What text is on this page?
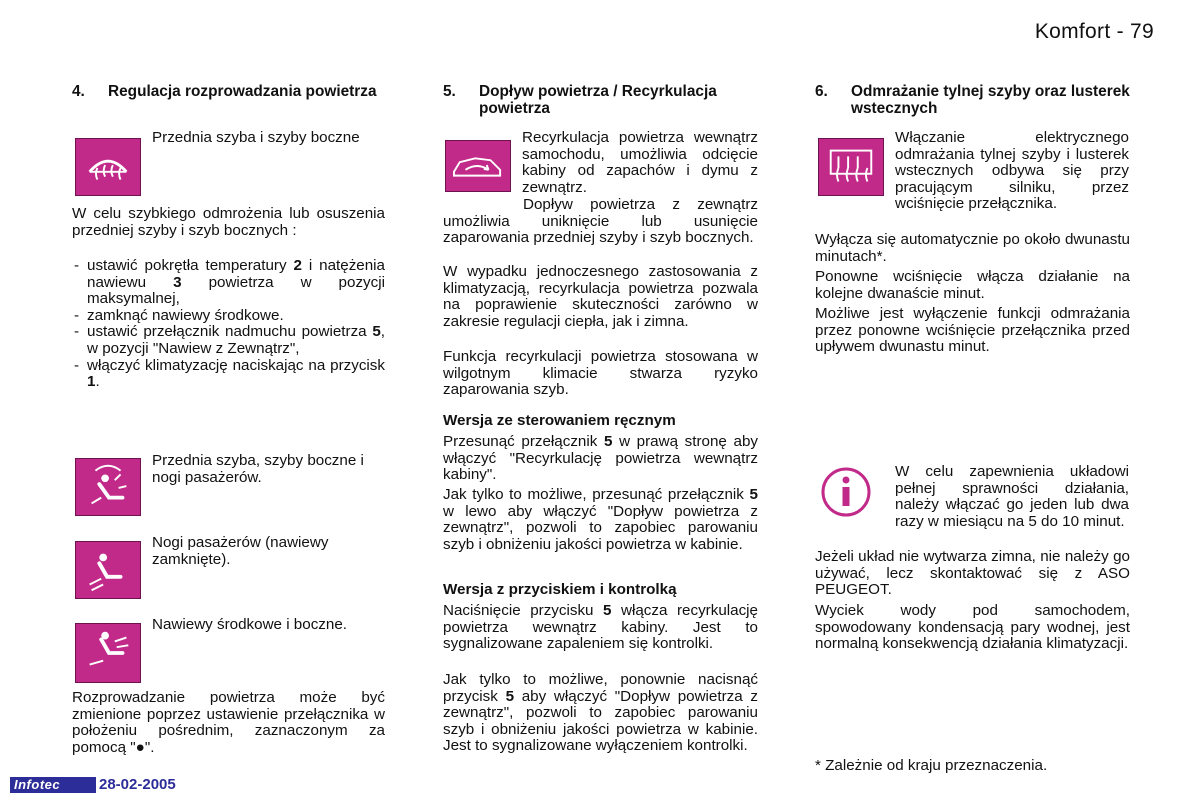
Komfort - 79
4.	Regulacja rozprowadzania powietrza
Przednia szyba i szyby boczne
W celu szybkiego odmrożenia lub osuszenia przedniej szyby i szyb bocznych :
- ustawić pokrętła temperatury 2 i natężenia nawiewu 3 powietrza w pozycji maksymalnej,
- zamknąć nawiewy środkowe.
- ustawić przełącznik nadmuchu powietrza 5, w pozycji "Nawiew z Zewnątrz",
- włączyć klimatyzację naciskając na przycisk 1.
Przednia szyba, szyby boczne i nogi pasażerów.
Nogi pasażerów (nawiewy zamknięte).
Nawiewy środkowe i boczne.
Rozprowadzanie powietrza może być zmienione poprzez ustawienie przełącznika w położeniu pośrednim, zaznaczonym za pomocą "●".
5.	Dopływ powietrza / Recyrkulacja powietrza
Recyrkulacja powietrza wewnątrz samochodu, umożliwia odcięcie kabiny od zapachów i dymu z zewnątrz.
Dopływ powietrza z zewnątrz umożliwia uniknięcie lub usunięcie zaparowania przedniej szyby i szyb bocznych.
W wypadku jednoczesnego zastosowania z klimatyzacją, recyrkulacja powietrza pozwala na poprawienie skuteczności zarówno w zakresie regulacji ciepła, jak i zimna.
Funkcja recyrkulacji powietrza stosowana w wilgotnym klimacie stwarza ryzyko zaparowania szyb.
Wersja ze sterowaniem ręcznym
Przesunąć przełącznik 5 w prawą stronę aby włączyć "Recyrkulację powietrza wewnątrz kabiny".
Jak tylko to możliwe, przesunąć przełącznik 5 w lewo aby włączyć "Dopływ powietrza z zewnątrz", pozwoli to zapobiec parowaniu szyb i obniżeniu jakości powietrza w kabinie.
Wersja z przyciskiem i kontrolką
Naciśnięcie przycisku 5 włącza recyrkulację powietrza wewnątrz kabiny. Jest to sygnalizowane zapaleniem się kontrolki.
Jak tylko to możliwe, ponownie nacisnąć przycisk 5 aby włączyć "Dopływ powietrza z zewnątrz", pozwoli to zapobiec parowaniu szyb i obniżeniu jakości powietrza w kabinie. Jest to sygnalizowane wyłączeniem kontrolki.
6.	Odmrażanie tylnej szyby oraz lusterek wstecznych
Włączanie elektrycznego odmrażania tylnej szyby i lusterek wstecznych odbywa się przy pracującym silniku, przez wciśnięcie przełącznika.
Wyłącza się automatycznie po około dwunastu minutach*.
Ponowne wciśnięcie włącza działanie na kolejne dwanaście minut.
Możliwe jest wyłączenie funkcji odmrażania przez ponowne wciśnięcie przełącznika przed upływem dwunastu minut.
W celu zapewnienia układowi pełnej sprawności działania, należy włączać go jeden lub dwa razy w miesiącu na 5 do 10 minut.
Jeżeli układ nie wytwarza zimna, nie należy go używać, lecz skontaktować się z ASO PEUGEOT.
Wyciek wody pod samochodem, spowodowany kondensacją pary wodnej, jest normalną konsekwencją działania klimatyzacji.
* Zależnie od kraju przeznaczenia.
Infotec	28-02-2005
